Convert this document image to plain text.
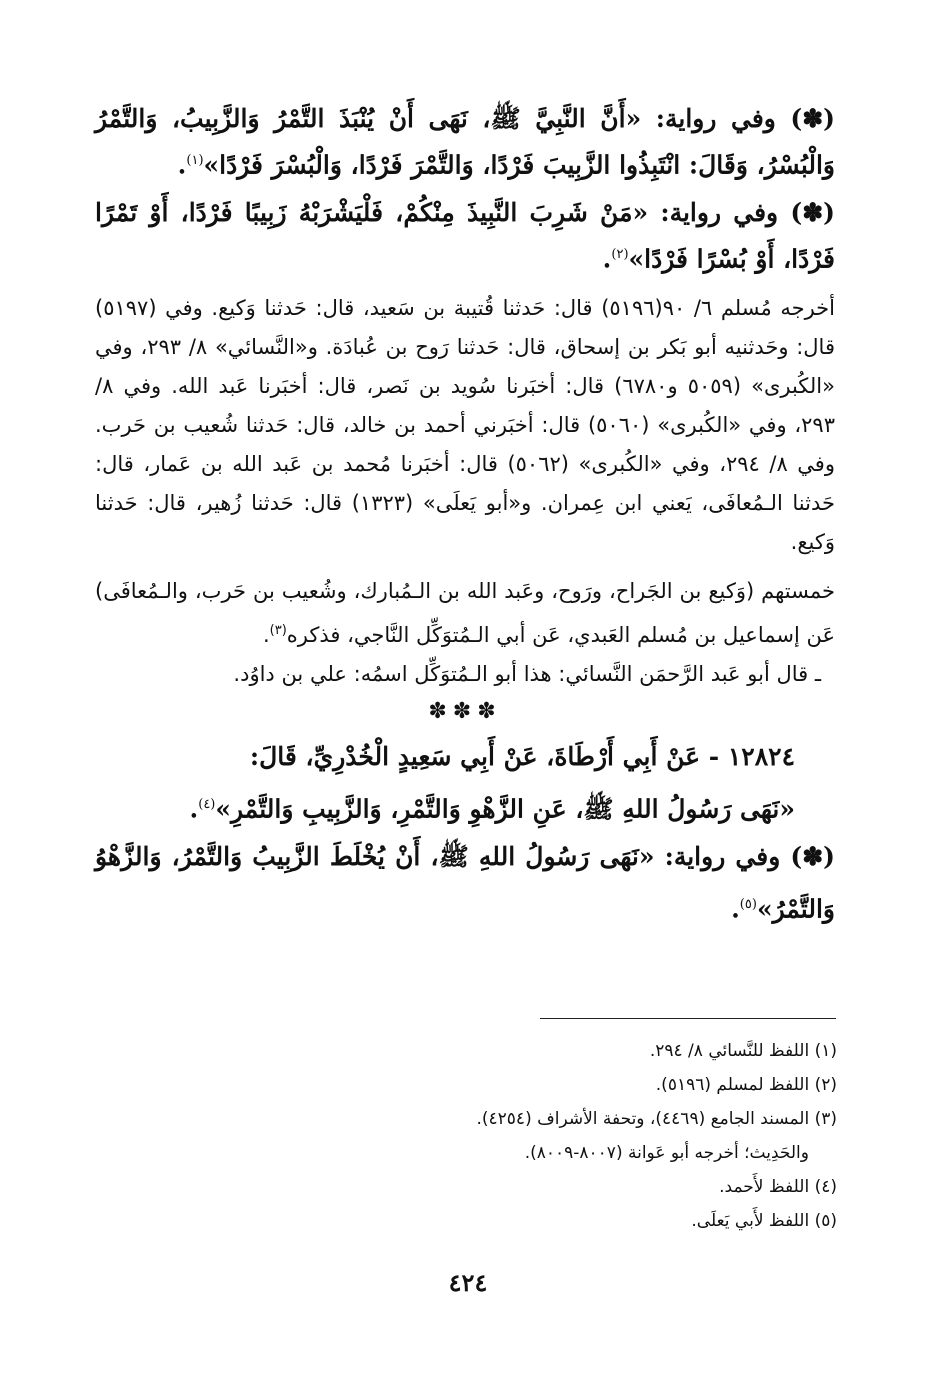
(✽) وفي رواية: «أَنَّ النَّبِيَّ ﷺ، نَهَى أَنْ يُنْبَذَ التَّمْرُ وَالزَّبِيبُ، وَالتَّمْرُ وَالْبُسْرُ، وَقَالَ: انْتَبِذُوا الزَّبِيبَ فَرْدًا، وَالتَّمْرَ فَرْدًا، وَالْبُسْرَ فَرْدًا»$^{(١)}$.

(✽) وفي رواية: «مَنْ شَرِبَ النَّبِيذَ مِنْكُمْ، فَلْيَشْرَبْهُ زَبِيبًا فَرْدًا، أَوْ تَمْرًا فَرْدًا، أَوْ بُسْرًا فَرْدًا»$^{(٢)}$.

أخرجه مُسلم ٦/ ٩٠(٥١٩٦) قال: حَدثنا قُتيبة بن سَعيد، قال: حَدثنا وَكيع. وفي (٥١٩٧) قال: وحَدثنيه أبو بَكر بن إسحاق، قال: حَدثنا رَوح بن عُبادَة. و«النَّسائي» ٨/ ٢٩٣، وفي «الكُبرى» (٥٠٥٩ و٦٧٨٠) قال: أخبَرنا سُويد بن نَصر، قال: أخبَرنا عَبد الله. وفي ٨/ ٢٩٣، وفي «الكُبرى» (٥٠٦٠) قال: أخبَرني أحمد بن خالد، قال: حَدثنا شُعيب بن حَرب. وفي ٨/ ٢٩٤، وفي «الكُبرى» (٥٠٦٢) قال: أخبَرنا مُحمد بن عَبد الله بن عَمار، قال: حَدثنا الـمُعافَى، يَعني ابن عِمران. و«أبو يَعلَى» (١٣٢٣) قال: حَدثنا زُهير، قال: حَدثنا وَكيع.

خمستهم (وَكيع بن الجَراح، ورَوح، وعَبد الله بن الـمُبارك، وشُعيب بن حَرب، والـمُعافَى) عَن إسماعيل بن مُسلم العَبدي، عَن أبي الـمُتوَكِّل النَّاجي، فذكره$^{(٣)}$.

ـ قال أبو عَبد الرَّحمَن النَّسائي: هذا أبو الـمُتوَكِّل اسمُه: علي بن داوُد.
✽✽✽
١٢٨٢٤ - عَنْ أَبِي أَرْطَاةَ، عَنْ أَبِي سَعِيدٍ الْخُدْرِيِّ، قَالَ:
«نَهَى رَسُولُ اللهِ ﷺ، عَنِ الزَّهْوِ وَالتَّمْرِ، وَالزَّبِيبِ وَالتَّمْرِ»$^{(٤)}$.
(✽) وفي رواية: «نَهَى رَسُولُ اللهِ ﷺ، أَنْ يُخْلَطَ الزَّبِيبُ وَالتَّمْرُ، وَالزَّهْوُ وَالتَّمْرُ»$^{(٥)}$.
(١) اللفظ للنَّسائي ٨/ ٢٩٤.
(٢) اللفظ لمسلم (٥١٩٦).
(٣) المسند الجامع (٤٤٦٩)، وتحفة الأشراف (٤٢٥٤).
والحَدِيث؛ أخرجه أبو عَوانة (٨٠٠٧-٨٠٠٩).
(٤) اللفظ لأَحمد.
(٥) اللفظ لأَبي يَعلَى.
٤٢٤
